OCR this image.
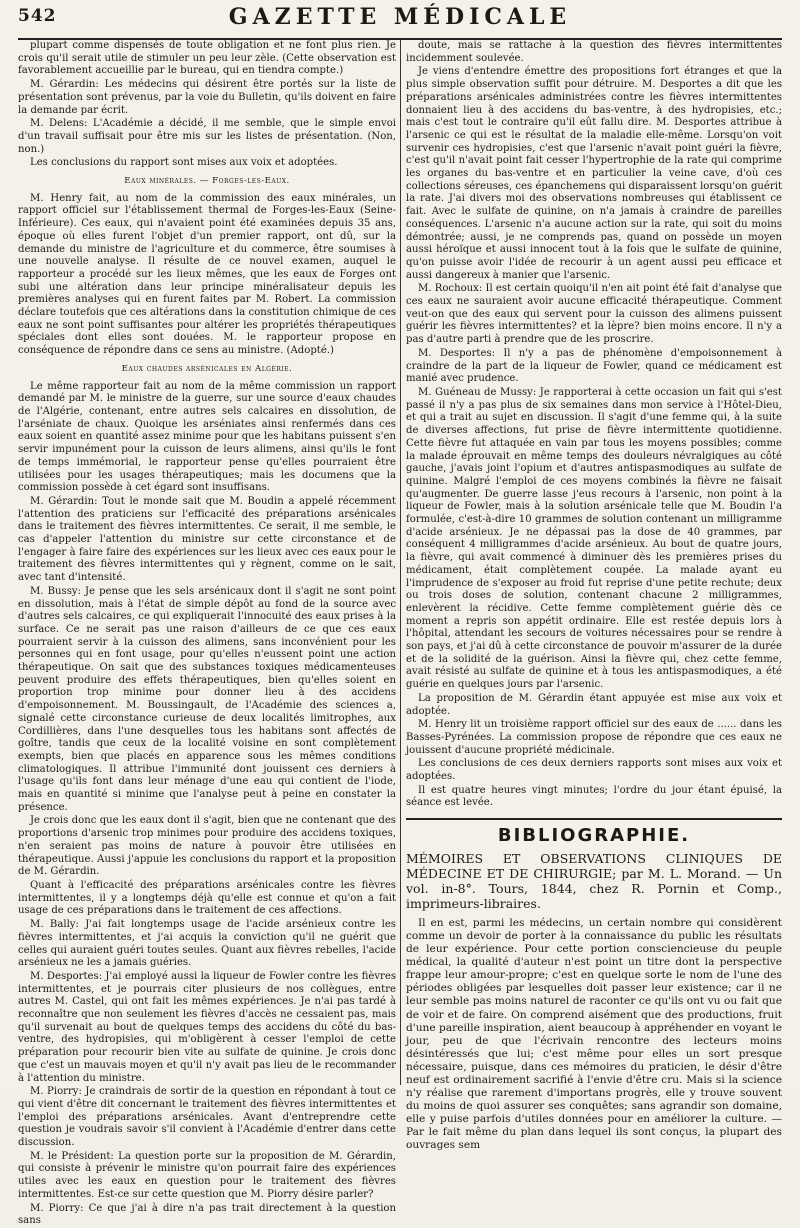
542	GAZETTE MÉDICALE

plupart comme dispensés de toute obligation et ne font plus rien. Je crois qu'il serait utile de stimuler un peu leur zèle. (Cette observation est favorablement accueillie par le bureau, qui en tiendra compte.)

M. Gérardin: Les médecins qui désirent être portés sur la liste de présentation sont prévenus, par la voie du Bulletin, qu'ils doivent en faire la demande par écrit.

M. Delens: L'Académie a décidé, il me semble, que le simple envoi d'un travail suffisait pour être mis sur les listes de présentation. (Non, non.)

Les conclusions du rapport sont mises aux voix et adoptées.

Eaux minérales. — Forges-les-Eaux.

M. Henry fait, au nom de la commission des eaux minérales, un rapport officiel sur l'établissement thermal de Forges-les-Eaux (Seine-Inférieure). Ces eaux, qui n'avaient point été examinées depuis 35 ans, époque où elles furent l'objet d'un premier rapport, ont dû, sur la demande du ministre de l'agriculture et du commerce, être soumises à une nouvelle analyse. Il résulte de ce nouvel examen, auquel le rapporteur a procédé sur les lieux mêmes, que les eaux de Forges ont subi une altération dans leur principe minéralisateur depuis les premières analyses qui en furent faites par M. Robert. La commission déclare toutefois que ces altérations dans la constitution chimique de ces eaux ne sont point suffisantes pour altérer les propriétés thérapeutiques spéciales dont elles sont douées. M. le rapporteur propose en conséquence de répondre dans ce sens au ministre. (Adopté.)

Eaux chaudes arsénicales en Algérie.

Le même rapporteur fait au nom de la même commission un rapport demandé par M. le ministre de la guerre, sur une source d'eaux chaudes de l'Algérie, contenant, entre autres sels calcaires en dissolution, de l'arséniate de chaux. Quoique les arséniates ainsi renfermés dans ces eaux soient en quantité assez minime pour que les habitans puissent s'en servir impunément pour la cuisson de leurs alimens, ainsi qu'ils le font de temps immémorial, le rapporteur pense qu'elles pourraient être utilisées pour les usages thérapeutiques; mais les documens que la commission possède à cet égard sont insuffisans.

M. Gérardin: Tout le monde sait que M. Boudin a appelé récemment l'attention des praticiens sur l'efficacité des préparations arsénicales dans le traitement des fièvres intermittentes. Ce serait, il me semble, le cas d'appeler l'attention du ministre sur cette circonstance et de l'engager à faire faire des expériences sur les lieux avec ces eaux pour le traitement des fièvres intermittentes qui y règnent, comme on le sait, avec tant d'intensité.

M. Bussy: Je pense que les sels arsénicaux dont il s'agit ne sont point en dissolution, mais à l'état de simple dépôt au fond de la source avec d'autres sels calcaires, ce qui expliquerait l'innocuité des eaux prises à la surface. Ce ne serait pas une raison d'ailleurs de ce que ces eaux pourraient servir à la cuisson des alimens, sans inconvénient pour les personnes qui en font usage, pour qu'elles n'eussent point une action thérapeutique. On sait que des substances toxiques médicamenteuses peuvent produire des effets thérapeutiques, bien qu'elles soient en proportion trop minime pour donner lieu à des accidens d'empoisonnement. M. Boussingault, de l'Académie des sciences a, signalé cette circonstance curieuse de deux localités limitrophes, aux Cordillières, dans l'une desquelles tous les habitans sont affectés de goître, tandis que ceux de la localité voisine en sont complètement exempts, bien que placés en apparence sous les mêmes conditions climatologiques. Il attribue l'immunité dont jouissent ces derniers à l'usage qu'ils font dans leur ménage d'une eau qui contient de l'iode, mais en quantité si minime que l'analyse peut à peine en constater la présence.

Je crois donc que les eaux dont il s'agit, bien que ne contenant que des proportions d'arsenic trop minimes pour produire des accidens toxiques, n'en seraient pas moins de nature à pouvoir être utilisées en thérapeutique. Aussi j'appuie les conclusions du rapport et la proposition de M. Gérardin.

Quant à l'efficacité des préparations arsénicales contre les fièvres intermittentes, il y a longtemps déjà qu'elle est connue et qu'on a fait usage de ces préparations dans le traitement de ces affections.

M. Bally: J'ai fait longtemps usage de l'acide arsénieux contre les fièvres intermittentes, et j'ai acquis la conviction qu'il ne guérit que celles qui auraient guéri toutes seules. Quant aux fièvres rebelles, l'acide arsénieux ne les a jamais guéries.

M. Desportes: J'ai employé aussi la liqueur de Fowler contre les fièvres intermittentes, et je pourrais citer plusieurs de nos collègues, entre autres M. Castel, qui ont fait les mêmes expériences. Je n'ai pas tardé à reconnaître que non seulement les fièvres d'accès ne cessaient pas, mais qu'il survenait au bout de quelques temps des accidens du côté du bas-ventre, des hydropisies, qui m'obligèrent à cesser l'emploi de cette préparation pour recourir bien vite au sulfate de quinine. Je crois donc que c'est un mauvais moyen et qu'il n'y avait pas lieu de le recommander à l'attention du ministre.

M. Piorry: Je craindrais de sortir de la question en répondant à tout ce qui vient d'être dit concernant le traitement des fièvres intermittentes et l'emploi des préparations arsénicales. Avant d'entreprendre cette question je voudrais savoir s'il convient à l'Académie d'entrer dans cette discussion.

M. le Président: La question porte sur la proposition de M. Gérardin, qui consiste à prévenir le ministre qu'on pourrait faire des expériences utiles avec les eaux en question pour le traitement des fièvres intermittentes. Est-ce sur cette question que M. Piorry désire parler?

M. Piorry: Ce que j'ai à dire n'a pas trait directement à la question sans

doute, mais se rattache à la question des fièvres intermittentes incidemment soulevée.

Je viens d'entendre émettre des propositions fort étranges et que la plus simple observation suffit pour détruire. M. Desportes a dit que les préparations arsénicales administrées contre les fièvres intermittentes donnaient lieu à des accidens du bas-ventre, à des hydropisies, etc.; mais c'est tout le contraire qu'il eût fallu dire. M. Desportes attribue à l'arsenic ce qui est le résultat de la maladie elle-même. Lorsqu'on voit survenir ces hydropisies, c'est que l'arsenic n'avait point guéri la fièvre, c'est qu'il n'avait point fait cesser l'hypertrophie de la rate qui comprime les organes du bas-ventre et en particulier la veine cave, d'où ces collections séreuses, ces épanchemens qui disparaissent lorsqu'on guérit la rate. J'ai divers moi des observations nombreuses qui établissent ce fait. Avec le sulfate de quinine, on n'a jamais à craindre de pareilles conséquences. L'arsenic n'a aucune action sur la rate, qui soit du moins démontrée; aussi, je ne comprends pas, quand on possède un moyen aussi héroïque et aussi innocent tout à la fois que le sulfate de quinine, qu'on puisse avoir l'idée de recourir à un agent aussi peu efficace et aussi dangereux à manier que l'arsenic.

M. Rochoux: Il est certain quoiqu'il n'en ait point été fait d'analyse que ces eaux ne sauraient avoir aucune efficacité thérapeutique. Comment veut-on que des eaux qui servent pour la cuisson des alimens puissent guérir les fièvres intermittentes? et la lèpre? bien moins encore. Il n'y a pas d'autre parti à prendre que de les proscrire.

M. Desportes: Il n'y a pas de phénomène d'empoisonnement à craindre de la part de la liqueur de Fowler, quand ce médicament est manié avec prudence.

M. Guéneau de Mussy: Je rapporterai à cette occasion un fait qui s'est passé il n'y a pas plus de six semaines dans mon service à l'Hôtel-Dieu, et qui a trait au sujet en discussion. Il s'agit d'une femme qui, à la suite de diverses affections, fut prise de fièvre intermittente quotidienne. Cette fièvre fut attaquée en vain par tous les moyens possibles; comme la malade éprouvait en même temps des douleurs névralgiques au côté gauche, j'avais joint l'opium et d'autres antispasmodiques au sulfate de quinine. Malgré l'emploi de ces moyens combinés la fièvre ne faisait qu'augmenter. De guerre lasse j'eus recours à l'arsenic, non point à la liqueur de Fowler, mais à la solution arsénicale telle que M. Boudin l'a formulée, c'est-à-dire 10 grammes de solution contenant un milligramme d'acide arsénieux. Je ne dépassai pas la dose de 40 grammes, par conséquent 4 milligrammes d'acide arsénieux. Au bout de quatre jours, la fièvre, qui avait commencé à diminuer dès les premières prises du médicament, était complètement coupée. La malade ayant eu l'imprudence de s'exposer au froid fut reprise d'une petite rechute; deux ou trois doses de solution, contenant chacune 2 milligrammes, enlevèrent la récidive. Cette femme complètement guérie dès ce moment a repris son appétit ordinaire. Elle est restée depuis lors à l'hôpital, attendant les secours de voitures nécessaires pour se rendre à son pays, et j'ai dû à cette circonstance de pouvoir m'assurer de la durée et de la solidité de la guérison. Ainsi la fièvre qui, chez cette femme, avait résisté au sulfate de quinine et à tous les antispasmodiques, a été guérie en quelques jours par l'arsenic.

La proposition de M. Gérardin étant appuyée est mise aux voix et adoptée.

M. Henry lit un troisième rapport officiel sur des eaux de ...... dans les Basses-Pyrénées. La commission propose de répondre que ces eaux ne jouissent d'aucune propriété médicinale.

Les conclusions de ces deux derniers rapports sont mises aux voix et adoptées.

Il est quatre heures vingt minutes; l'ordre du jour étant épuisé, la séance est levée.

BIBLIOGRAPHIE.

MÉMOIRES ET OBSERVATIONS CLINIQUES DE MÉDECINE ET DE CHIRURGIE; par M. L. Morand. — Un vol. in-8°. Tours, 1844, chez R. Pornin et Comp., imprimeurs-libraires.

Il en est, parmi les médecins, un certain nombre qui considèrent comme un devoir de porter à la connaissance du public les résultats de leur expérience. Pour cette portion consciencieuse du peuple médical, la qualité d'auteur n'est point un titre dont la perspective frappe leur amour-propre; c'est en quelque sorte le nom de l'une des périodes obligées par lesquelles doit passer leur existence; car il ne leur semble pas moins naturel de raconter ce qu'ils ont vu ou fait que de voir et de faire. On comprend aisément que des productions, fruit d'une pareille inspiration, aient beaucoup à appréhender en voyant le jour, peu de que l'écrivain rencontre des lecteurs moins désintéressés que lui; c'est même pour elles un sort presque nécessaire, puisque, dans ces mémoires du praticien, le désir d'être neuf est ordinairement sacrifié à l'envie d'être cru. Mais si la science n'y réalise que rarement d'importans progrès, elle y trouve souvent du moins de quoi assurer ses conquêtes; sans agrandir son domaine, elle y puise parfois d'utiles données pour en améliorer la culture. — Par le fait même du plan dans lequel ils sont conçus, la plupart des ouvrages sem
